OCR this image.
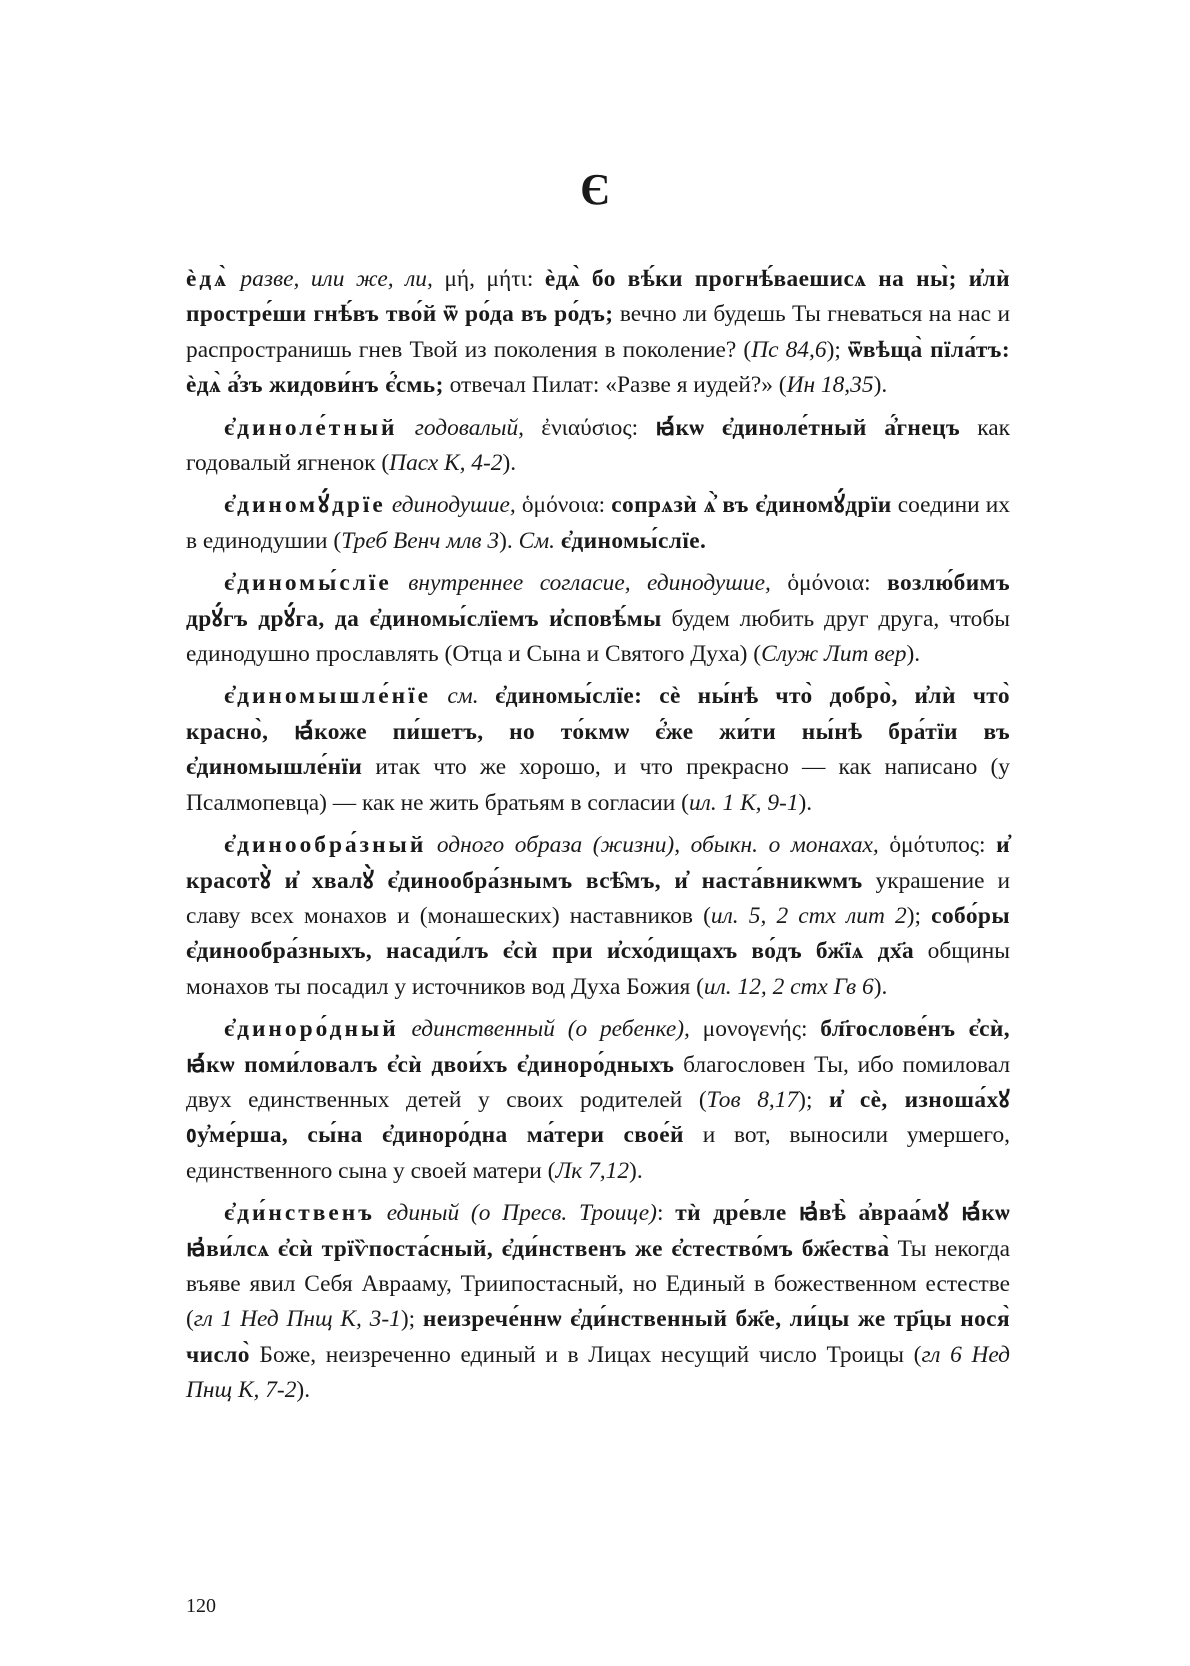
Є

ѐдѧ̀ разве, или же, ли, μή, μήτι: ѐдѧ̀ бо вѣ́ки прогнѣ́ваешисѧ на ны̀; и҆лѝ простре́ши гнѣ́въ тво́й ѿ ро́да въ ро́дъ; вечно ли будешь Ты гневаться на нас и распространишь гнев Твой из поколения в поколение? (Пс 84,6); ѿвѣща̀ пїла́тъ: ѐдѧ̀ а҆́зъ жидови́нъ є҆́смь; отвечал Пилат: «Разве я иудей?» (Ин 18,35).

є҆диноле́тный годовалый, ἐνιαύσιος: ꙗ҆́кѡ є҆диноле́тный а҆́гнецъ как годовалый ягненок (Пасх К, 4-2).

є҆диномꙋ́дрїе единодушие, ὁμόνοια: сопрѧзѝ ѧ҆̀ въ є҆диномꙋ́дрїи соедини их в единодушии (Треб Венч млв 3). См. є҆диномы́слїе.

є҆диномы́слїе внутреннее согласие, единодушие, ὁμόνοια: возлю́бимъ дрꙋ́гъ дрꙋ́га, да є҆диномы́слїемъ и҆сповѣ́мы будем любить друг друга, чтобы единодушно прославлять (Отца и Сына и Святого Духа) (Служ Лит вер).

є҆диномышле́нїе см. є҆диномы́слїе: сѐ ны́нѣ что̀ добро̀, и҆лѝ что̀ красно̀, ꙗ҆́коже пи́шетъ, но то́кмѡ є҆́же жи́ти ны́нѣ бра́тїи въ є҆диномышле́нїи итак что же хорошо, и что прекрасно — как написано (у Псалмопевца) — как не жить братьям в согласии (ил. 1 К, 9-1).

є҆динообра́зный одного образа (жизни), обыкн. о монахах, ὁμότυπος: и҆ красотꙋ̀ и҆ хвалꙋ̀ є҆динообра́знымъ всѣ̑мъ, и҆ наста́вникѡмъ украшение и славу всех монахов и (монашеских) наставников (ил. 5, 2 стх лит 2); собо́ры є҆динообра́зныхъ, насади́лъ є҆сѝ при и҆схо́дищахъ во́дъ бж҃їѧ дх҃а общины монахов ты посадил у источников вод Духа Божия (ил. 12, 2 стх Гв 6).

є҆диноро́дный единственный (о ребенке), μονογενής: бл҃гослове́нъ є҆сѝ, ꙗ҆́кѡ поми́ловалъ є҆сѝ двои́хъ є҆диноро́дныхъ благословен Ты, ибо помиловал двух единственных детей у своих родителей (Тов 8,17); и҆ сѐ, изноша́хꙋ ᲂу҆ме́рша, сы́на є҆диноро́дна ма́тери свое́й и вот, выносили умершего, единственного сына у своей матери (Лк 7,12).

є҆ди́нственъ единый (о Пресв. Троице): тѝ дре́вле ꙗ҆вѣ̀ а҆враа́мꙋ ꙗ҆́кѡ ꙗ҆ви́лсѧ є҆сѝ трїѷпоста́сный, є҆ди́нственъ же є҆стество́мъ бж҃ества̀ Ты некогда въяве явил Себя Аврааму, Триипостасный, но Единый в божественном естестве (гл 1 Нед Пнщ К, 3-1); неизрече́ннѡ є҆ди́нственный бж҃е, ли́цы же тр҃цы нося̀ число̀ Боже, неизреченно единый и в Лицах несущий число Троицы (гл 6 Нед Пнщ К, 7-2).

120
